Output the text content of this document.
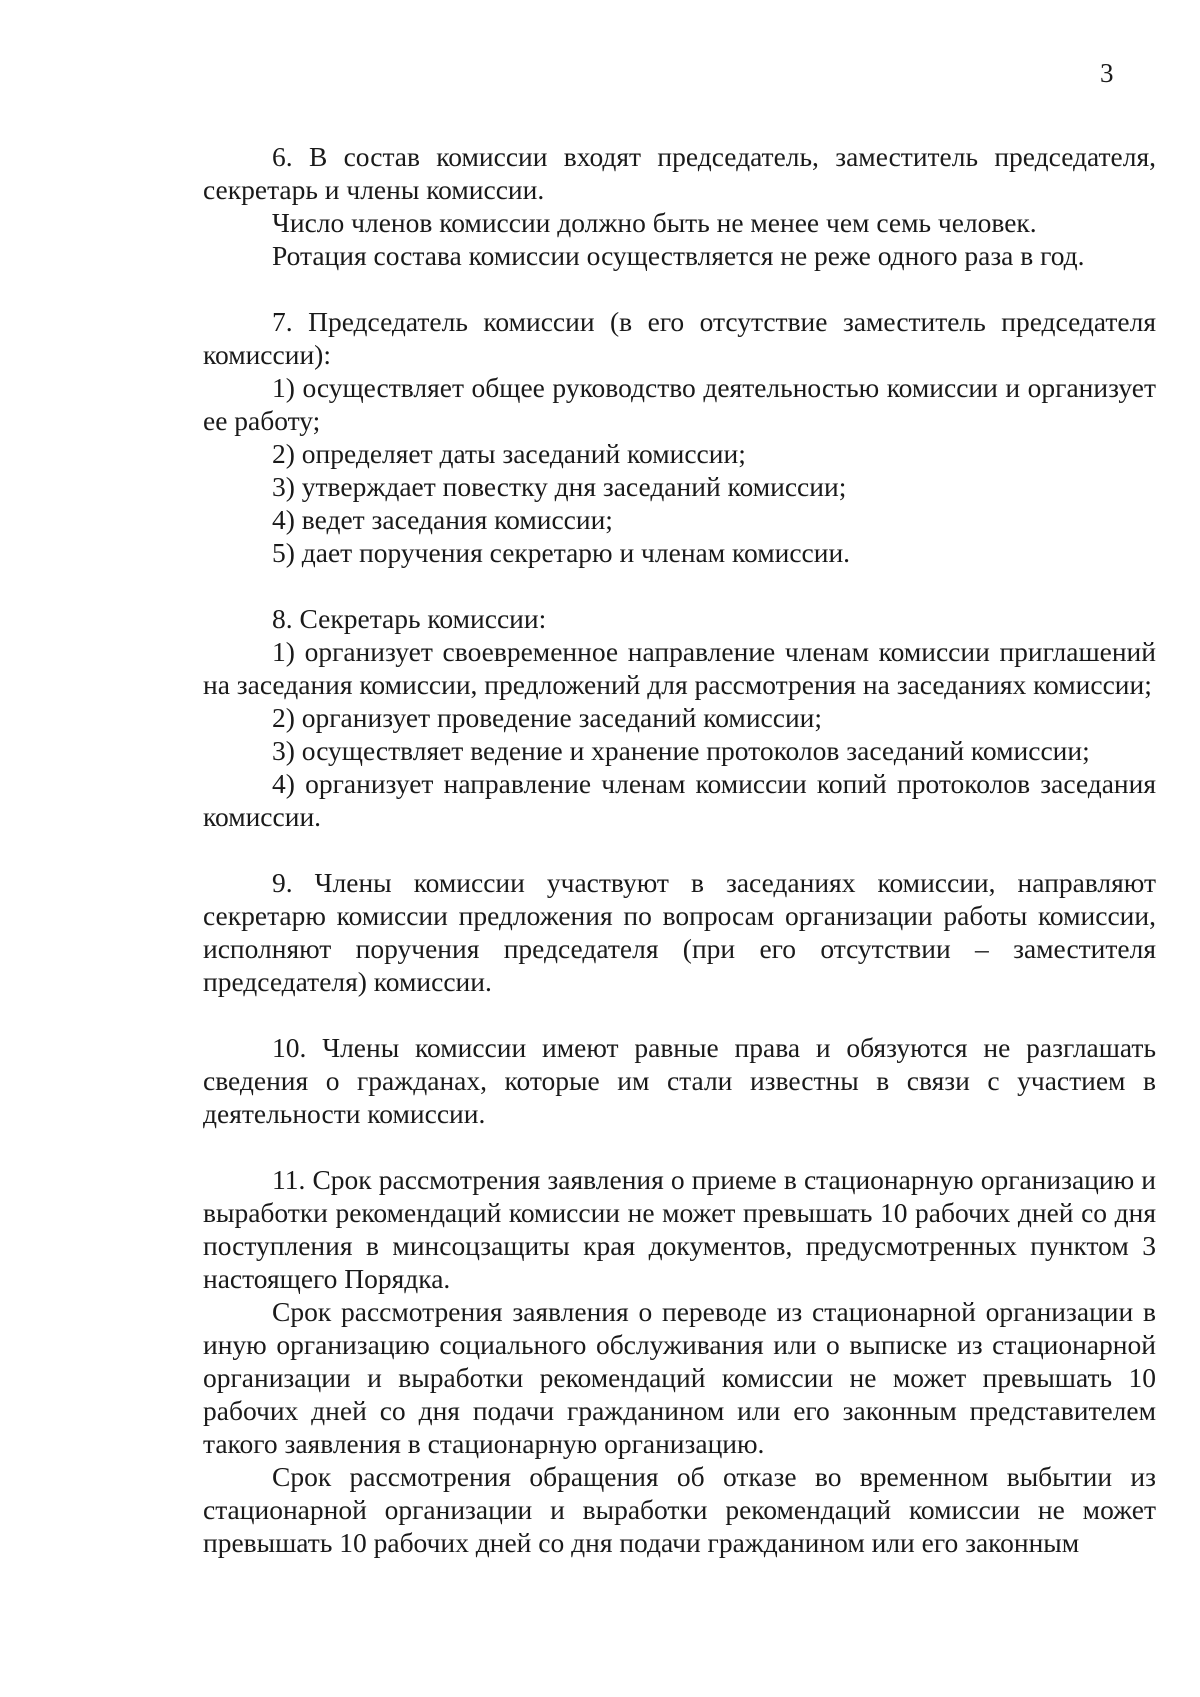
3

6. В состав комиссии входят председатель, заместитель председателя, секретарь и члены комиссии.

Число членов комиссии должно быть не менее чем семь человек.

Ротация состава комиссии осуществляется не реже одного раза в год.

7. Председатель комиссии (в его отсутствие заместитель председателя комиссии):

1) осуществляет общее руководство деятельностью комиссии и организует ее работу;

2) определяет даты заседаний комиссии;

3) утверждает повестку дня заседаний комиссии;

4) ведет заседания комиссии;

5) дает поручения секретарю и членам комиссии.

8. Секретарь комиссии:

1) организует своевременное направление членам комиссии приглашений на заседания комиссии, предложений для рассмотрения на заседаниях комиссии;

2) организует проведение заседаний комиссии;

3) осуществляет ведение и хранение протоколов заседаний комиссии;

4) организует направление членам комиссии копий протоколов заседания комиссии.

9. Члены комиссии участвуют в заседаниях комиссии, направляют секретарю комиссии предложения по вопросам организации работы комиссии, исполняют поручения председателя (при его отсутствии – заместителя председателя) комиссии.

10. Члены комиссии имеют равные права и обязуются не разглашать сведения о гражданах, которые им стали известны в связи с участием в деятельности комиссии.

11. Срок рассмотрения заявления о приеме в стационарную организацию и выработки рекомендаций комиссии не может превышать 10 рабочих дней со дня поступления в минсоцзащиты края документов, предусмотренных пунктом 3 настоящего Порядка.

Срок рассмотрения заявления о переводе из стационарной организации в иную организацию социального обслуживания или о выписке из стационарной организации и выработки рекомендаций комиссии не может превышать 10 рабочих дней со дня подачи гражданином или его законным представителем такого заявления в стационарную организацию.

Срок рассмотрения обращения об отказе во временном выбытии из стационарной организации и выработки рекомендаций комиссии не может превышать 10 рабочих дней со дня подачи гражданином или его законным
